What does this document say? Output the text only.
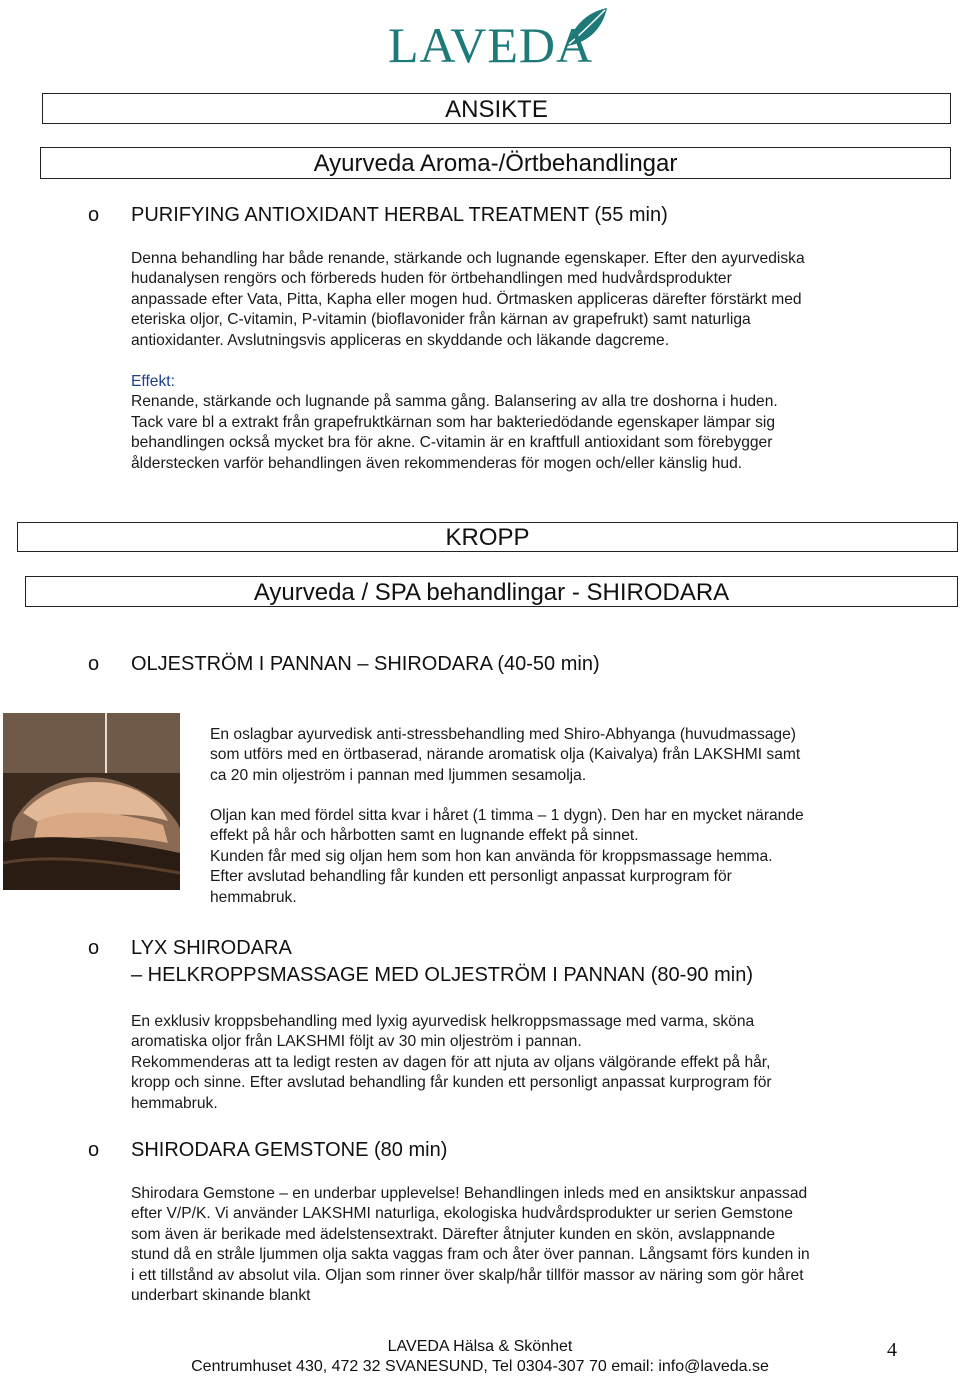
LAVEDA
ANSIKTE
Ayurveda Aroma-/Örtbehandlingar
o PURIFYING ANTIOXIDANT HERBAL TREATMENT (55 min)

Denna behandling har både renande, stärkande och lugnande egenskaper. Efter den ayurvediska

hudanalysen rengörs och förbereds huden för örtbehandlingen med hudvårdsprodukter

anpassade efter Vata, Pitta, Kapha eller mogen hud. Örtmasken appliceras därefter förstärkt med

eteriska oljor, C-vitamin, P-vitamin (bioflavonider från kärnan av grapefrukt) samt naturliga

antioxidanter. Avslutningsvis appliceras en skyddande och läkande dagcreme.

Effekt:

Renande, stärkande och lugnande på samma gång. Balansering av alla tre doshorna i huden.

Tack vare bl a extrakt från grapefruktkärnan som har bakteriedödande egenskaper lämpar sig

behandlingen också mycket bra för akne. C-vitamin är en kraftfull antioxidant som förebygger

ålderstecken varför behandlingen även rekommenderas för mogen och/eller känslig hud.

KROPP
Ayurveda / SPA behandlingar - SHIRODARA
o OLJESTRÖM I PANNAN – SHIRODARA (40-50 min)

En oslagbar ayurvedisk anti-stressbehandling med Shiro-Abhyanga (huvudmassage)

som utförs med en örtbaserad, närande aromatisk olja (Kaivalya) från LAKSHMI samt

ca 20 min oljeström i pannan med ljummen sesamolja.

Oljan kan med fördel sitta kvar i håret (1 timma – 1 dygn). Den har en mycket närande

effekt på hår och hårbotten samt en lugnande effekt på sinnet.

Kunden får med sig oljan hem som hon kan använda för kroppsmassage hemma.

Efter avslutad behandling får kunden ett personligt anpassat kurprogram för

hemmabruk.

o LYX SHIRODARA
– HELKROPPSMASSAGE MED OLJESTRÖM I PANNAN (80-90 min)

En exklusiv kroppsbehandling med lyxig ayurvedisk helkroppsmassage med varma, sköna

aromatiska oljor från LAKSHMI följt av 30 min oljeström i pannan.

Rekommenderas att ta ledigt resten av dagen för att njuta av oljans välgörande effekt på hår,

kropp och sinne. Efter avslutad behandling får kunden ett personligt anpassat kurprogram för

hemmabruk.

o SHIRODARA GEMSTONE (80 min)

Shirodara Gemstone – en underbar upplevelse! Behandlingen inleds med en ansiktskur anpassad

efter V/P/K. Vi använder LAKSHMI naturliga, ekologiska hudvårdsprodukter ur serien Gemstone

som även är berikade med ädelstensextrakt. Därefter åtnjuter kunden en skön, avslappnande

stund då en stråle ljummen olja sakta vaggas fram och åter över pannan. Långsamt förs kunden in

i ett tillstånd av absolut vila. Oljan som rinner över skalp/hår tillför massor av näring som gör håret

underbart skinande blankt

LAVEDA Hälsa & Skönhet
Centrumhuset 430, 472 32 SVANESUND, Tel 0304-307 70 email: info@laveda.se
4
